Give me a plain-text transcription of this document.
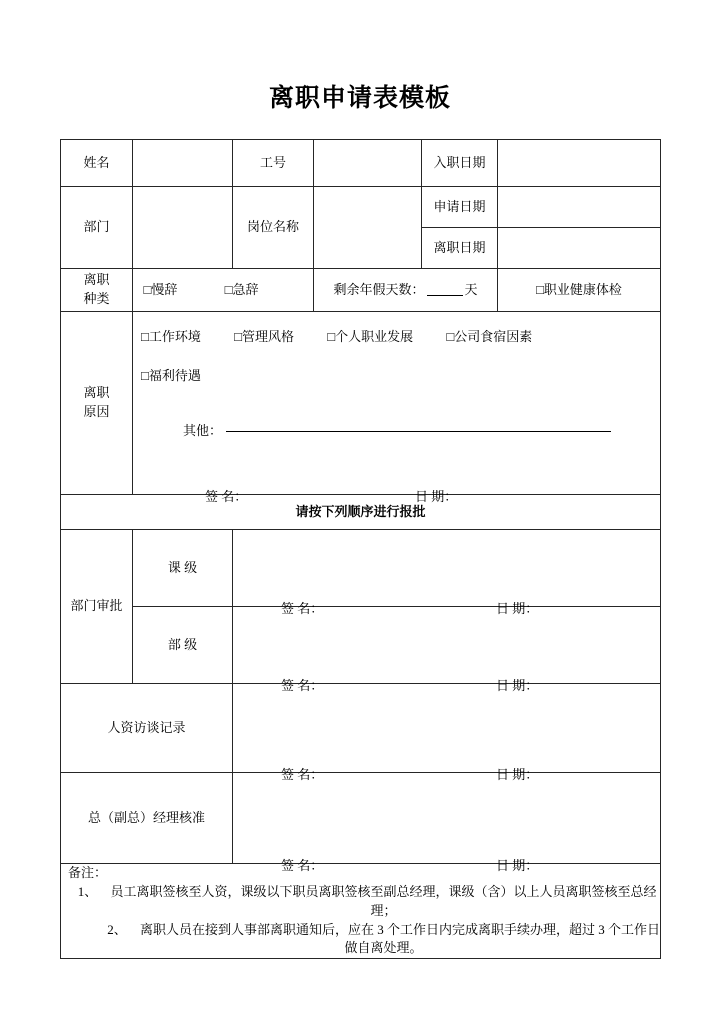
离职申请表模板
姓名		工号		入职日期	
部门		岗位名称		申请日期	
				离职日期	
离职
种类	□慢辞 □急辞		剩余年假天数： 天		□职业健康体检
离职
原因	
□工作环境	□管理风格	□个人职业发展	□公司食宿因素
□福利待遇
其他：
签 名：	日 期：

请按下列顺序进行报批					
部门审批	课 级	签 名： 日 期：			

	部 级	签 名： 日 期：			

人资访谈记录		签 名： 日 期：			

总（副总）经理核准		签 名： 日 期：			

备注：1、 员工离职签核至人资，课级以下职员离职签核至副总经理，课级（含）以上人员离职签核至总经理；
2、 离职人员在接到人事部离职通知后，应在 3 个工作日内完成离职手续办理，超过 3 个工作日做自离处理。					
